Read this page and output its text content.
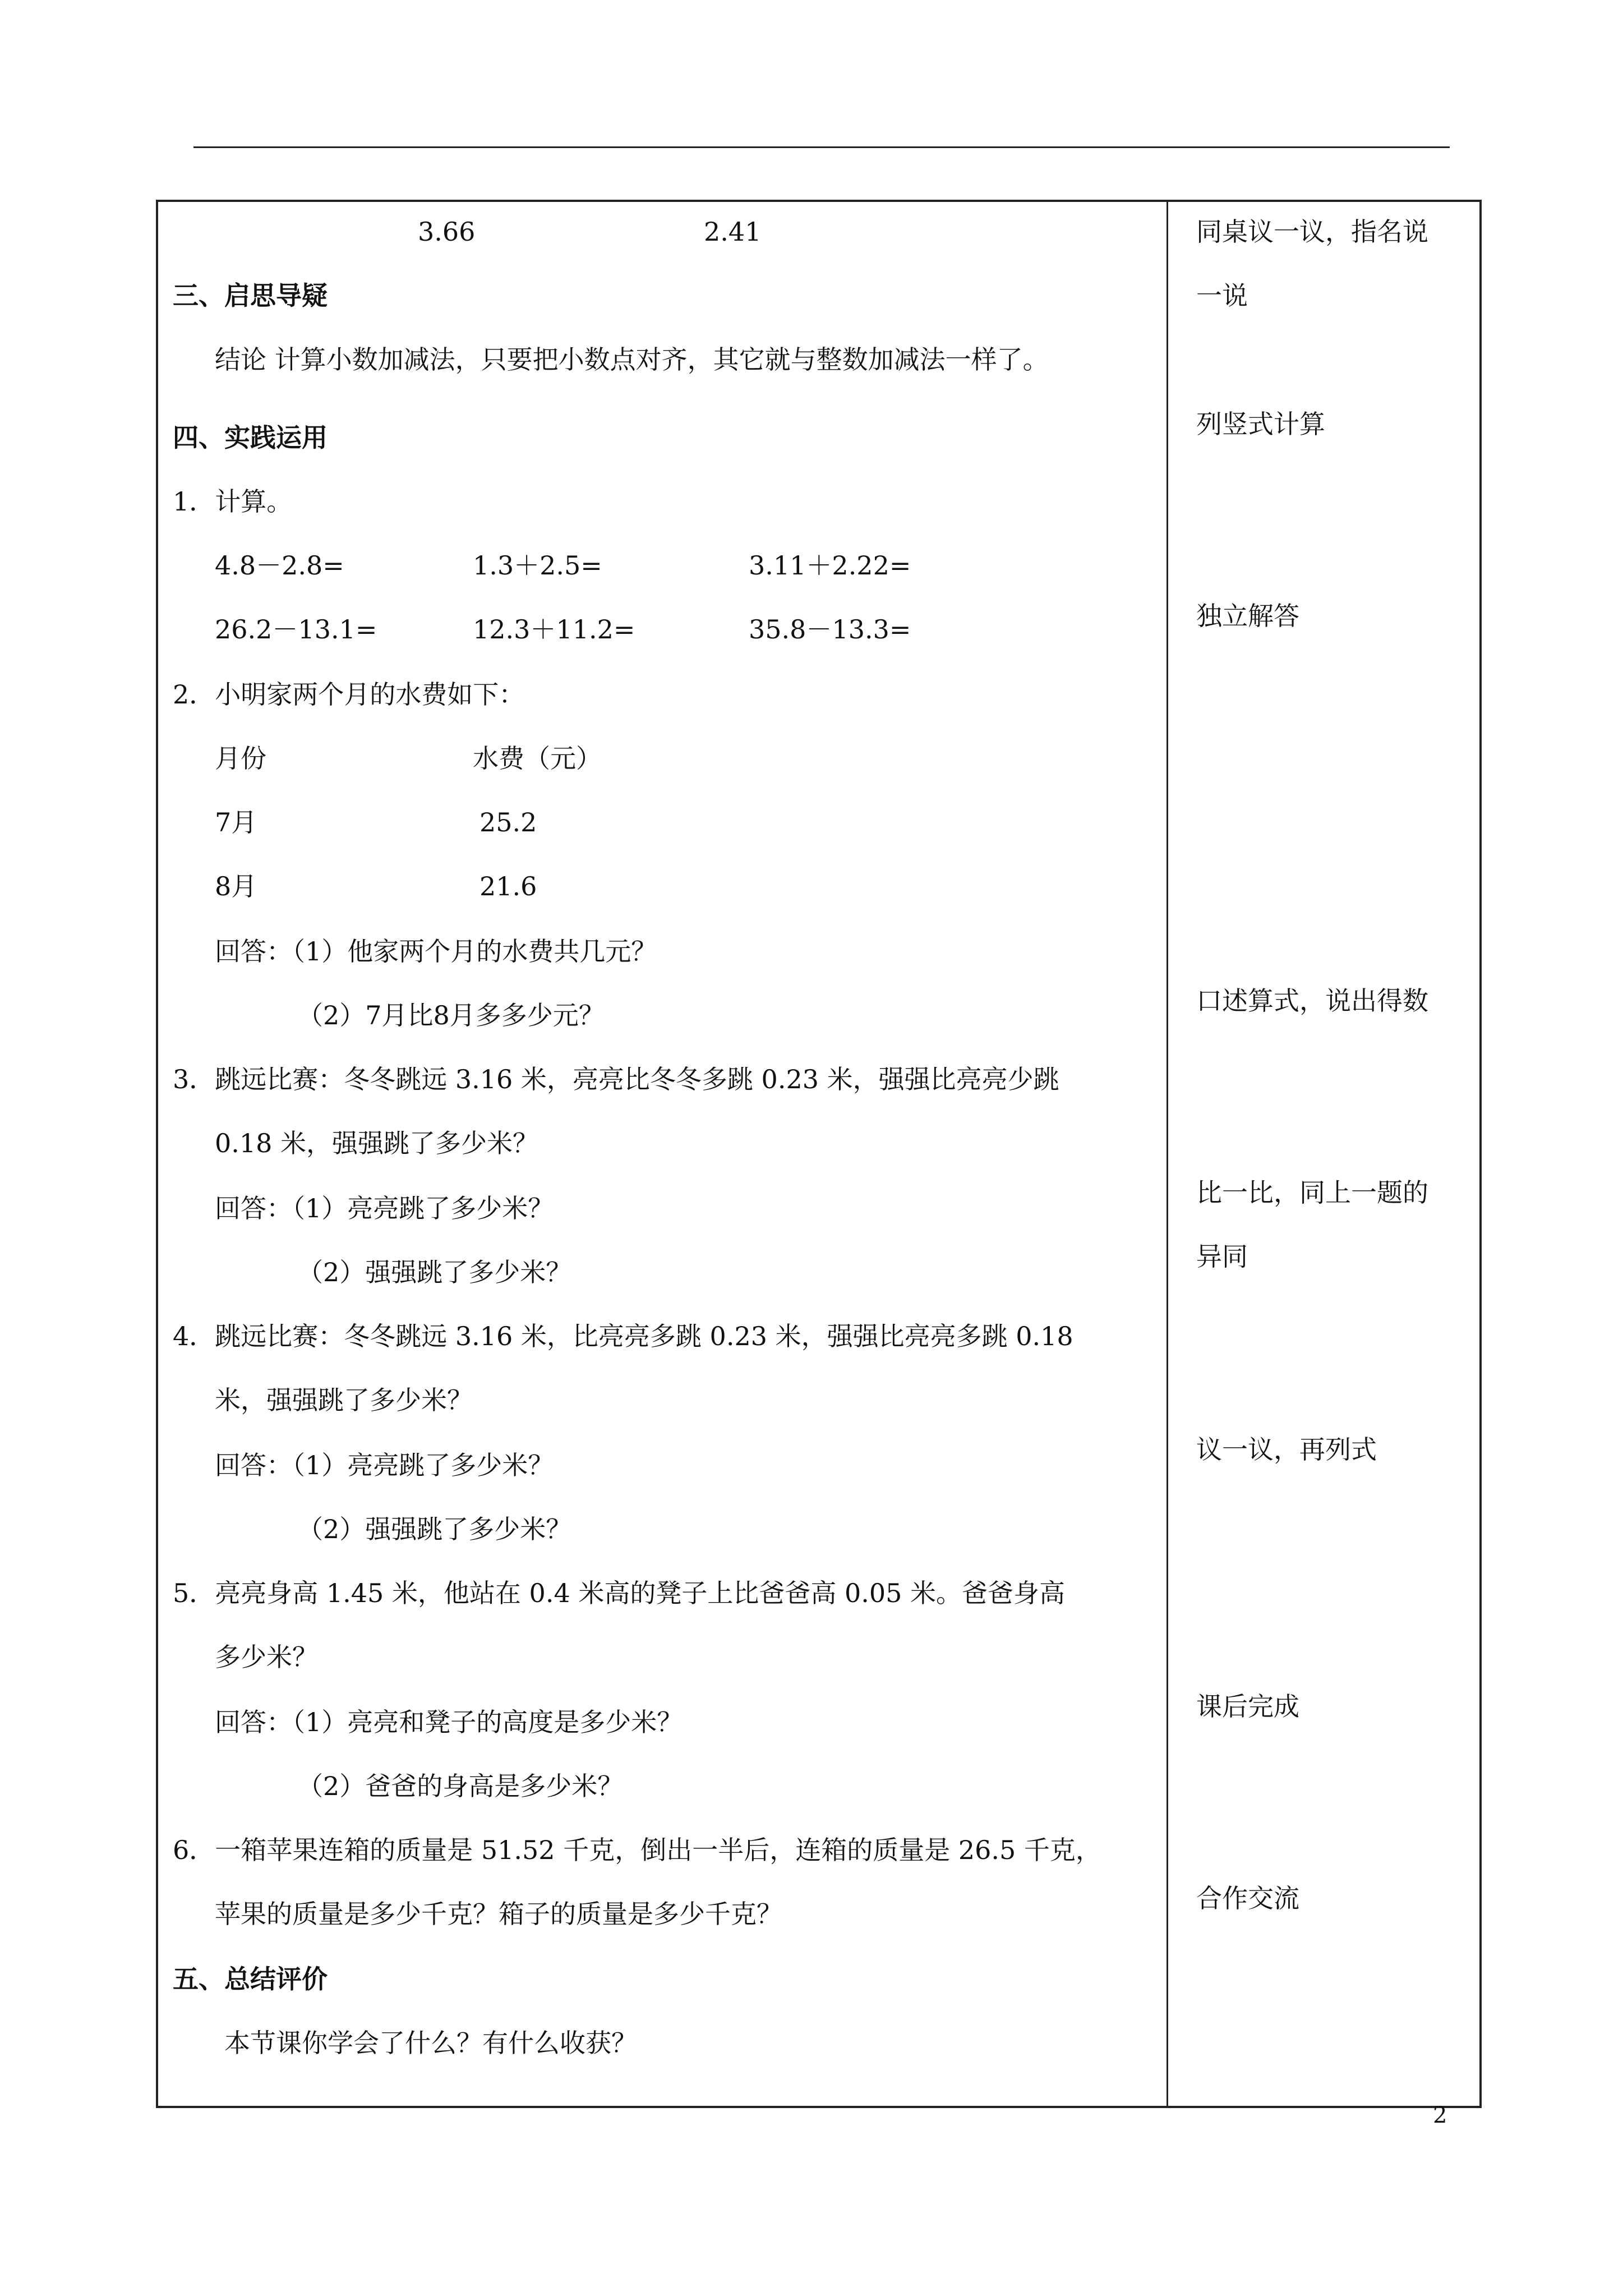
3.66	2.41
三、启思导疑
结论 计算小数加减法，只要把小数点对齐，其它就与整数加减法一样了。
四、实践运用
1．计算。
4.8－2.8=	1.3＋2.5=	3.11＋2.22=
26.2－13.1=	12.3＋11.2=	35.8－13.3=
2．小明家两个月的水费如下：
月份	水费（元）
7月	25.2
8月	21.6
回答：（1）他家两个月的水费共几元？
（2）7月比8月多多少元？
3．跳远比赛：冬冬跳远 3.16 米，亮亮比冬冬多跳 0.23 米，强强比亮亮少跳
0.18 米，强强跳了多少米？
回答：（1）亮亮跳了多少米？
（2）强强跳了多少米？
4．跳远比赛：冬冬跳远 3.16 米，比亮亮多跳 0.23 米，强强比亮亮多跳 0.18
米，强强跳了多少米？
回答：（1）亮亮跳了多少米？
（2）强强跳了多少米？
5．亮亮身高 1.45 米，他站在 0.4 米高的凳子上比爸爸高 0.05 米。爸爸身高
多少米？
回答：（1）亮亮和凳子的高度是多少米？
（2）爸爸的身高是多少米？
6．一箱苹果连箱的质量是 51.52 千克，倒出一半后，连箱的质量是 26.5 千克，
苹果的质量是多少千克？箱子的质量是多少千克？
五、总结评价
本节课你学会了什么？有什么收获？
同桌议一议，指名说
一说
列竖式计算
独立解答
口述算式，说出得数
比一比，同上一题的
异同
议一议，再列式
课后完成
合作交流
2
